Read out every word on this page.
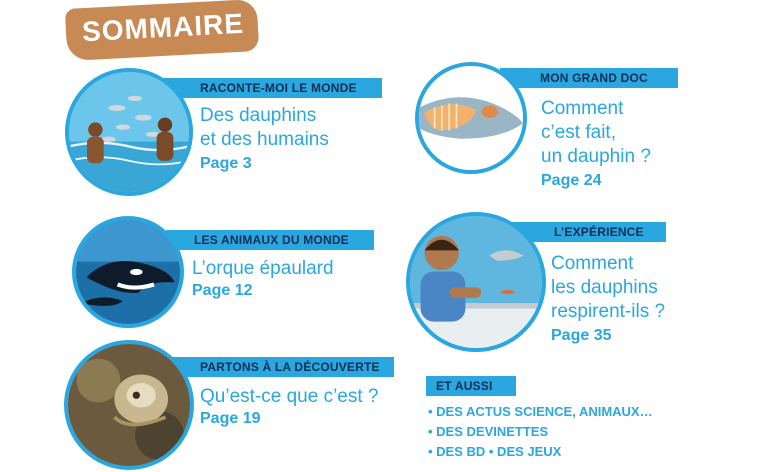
SOMMAIRE
RACONTE-MOI LE MONDE
Des dauphins
et des humains
Page 3
LES ANIMAUX DU MONDE
L’orque épaulard
Page 12
PARTONS À LA DÉCOUVERTE
Qu’est-ce que c’est ?
Page 19
MON GRAND DOC
Comment
c’est fait,
un dauphin ?
Page 24
L’EXPÉRIENCE
Comment
les dauphins
respirent-ils ?
Page 35
ET AUSSI
• DES ACTUS SCIENCE, ANIMAUX…
• DES DEVINETTES
• DES BD • DES JEUX
